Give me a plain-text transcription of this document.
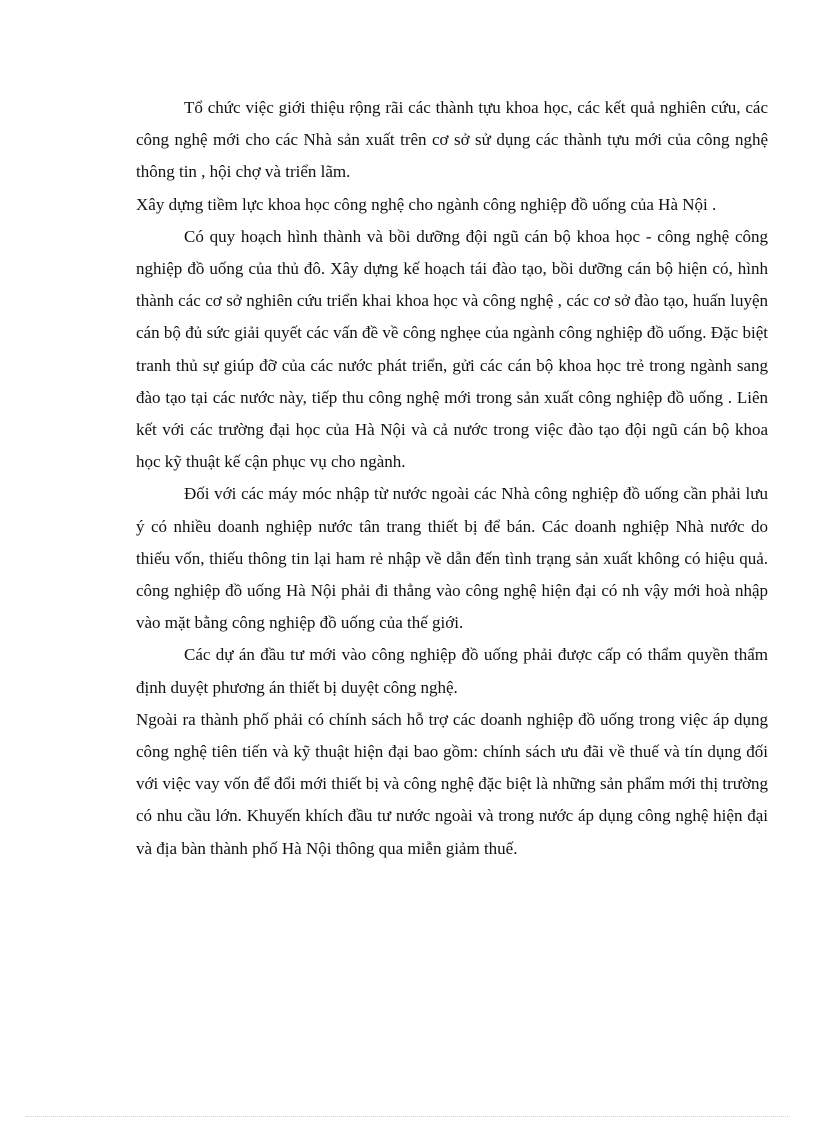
Tổ chức việc giới thiệu rộng rãi các thành tựu khoa học, các kết quả nghiên cứu, các công nghệ mới cho các Nhà sản xuất trên cơ sở sử dụng các thành tựu mới của công nghệ thông tin , hội chợ và triển lãm.

Xây dựng tiềm lực khoa học công nghệ cho ngành công nghiệp đồ uống của Hà Nội .

Có quy hoạch hình thành và bồi dưỡng đội ngũ cán bộ khoa học - công nghệ công nghiệp đồ uống của thủ đô. Xây dựng kế hoạch tái đào tạo, bồi dưỡng cán bộ hiện có, hình thành các cơ sở nghiên cứu triển khai khoa học và công nghệ , các cơ sở đào tạo, huấn luyện cán bộ đủ sức giải quyết các vấn đề về công nghẹe của ngành công nghiệp đồ uống. Đặc biệt tranh thủ sự giúp đỡ của các nước phát triển, gửi các cán bộ khoa học trẻ trong ngành sang đào tạo tại các nước này, tiếp thu công nghệ mới trong sản xuất công nghiệp đồ uống . Liên kết với các trường đại học của Hà Nội và cả nước trong việc đào tạo đội ngũ cán bộ khoa học kỹ thuật kế cận phục vụ cho ngành.

Đối với các máy móc nhập từ nước ngoài các Nhà công nghiệp đồ uống cần phải lưu ý có nhiều doanh nghiệp nước tân trang thiết bị để bán. Các doanh nghiệp Nhà nước do thiếu vốn, thiếu thông tin lại ham rẻ nhập về dẫn đến tình trạng sản xuất không có hiệu quả. công nghiệp đồ uống Hà Nội phải đi thẳng vào công nghệ hiện đại có nh vậy mới hoà nhập vào mặt bằng công nghiệp đồ uống của thế giới.

Các dự án đầu tư mới vào công nghiệp đồ uống phải được cấp có thẩm quyền thẩm định duyệt phương án thiết bị duyệt công nghệ.

Ngoài ra thành phố phải có chính sách hỗ trợ các doanh nghiệp đồ uống trong việc áp dụng công nghệ tiên tiến và kỹ thuật hiện đại bao gồm: chính sách ưu đãi về thuế và tín dụng đối với việc vay vốn để đổi mới thiết bị và công nghệ đặc biệt là những sản phẩm mới thị trường có nhu cầu lớn. Khuyến khích đầu tư nước ngoài và trong nước áp dụng công nghệ hiện đại và địa bàn thành phố Hà Nội thông qua miễn giảm thuế.
